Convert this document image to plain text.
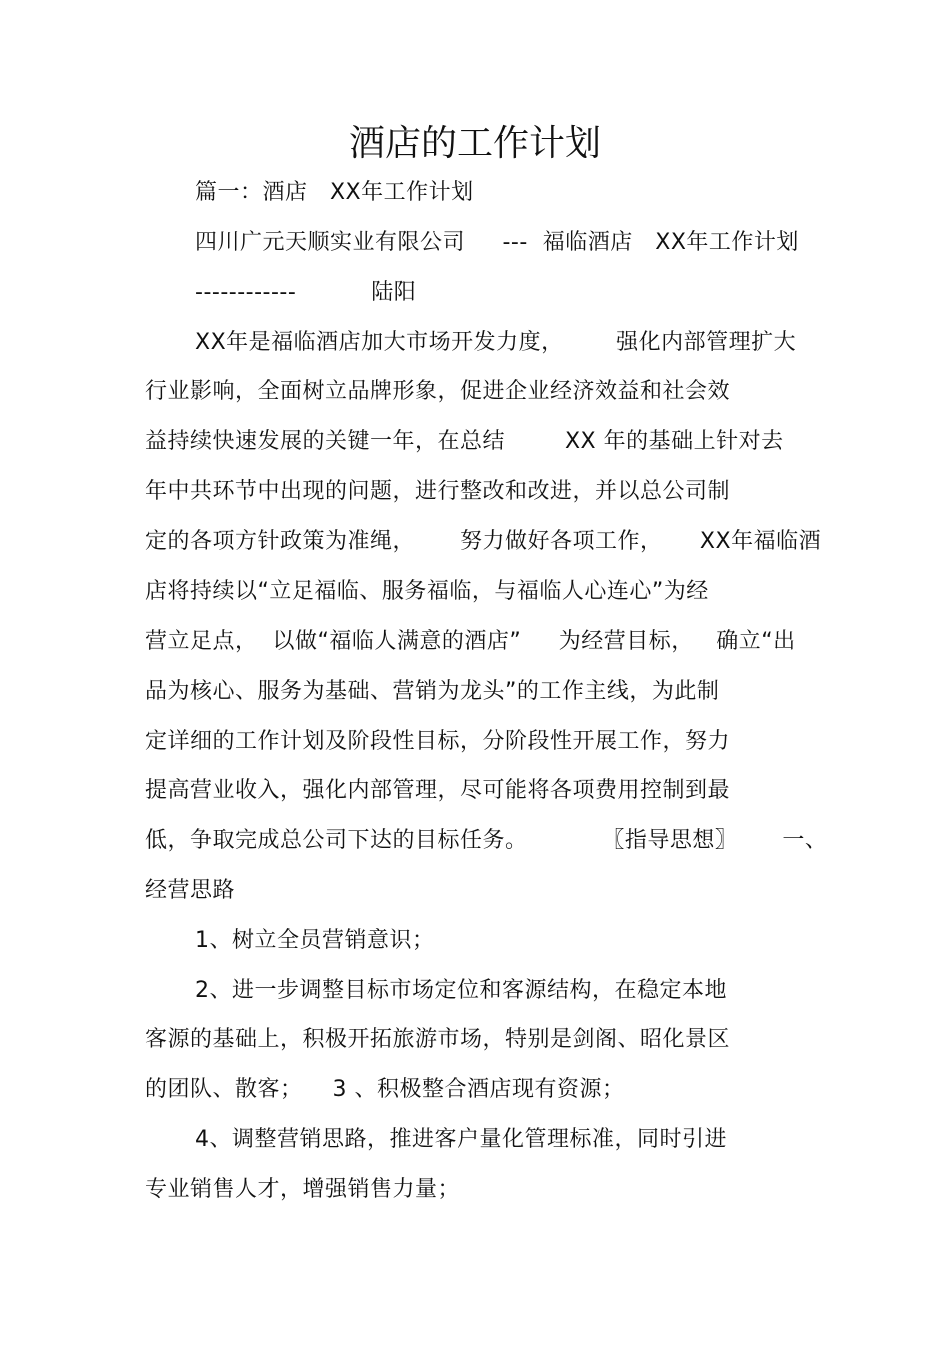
酒店的工作计划
篇一：酒店   XX年工作计划
四川广元天顺实业有限公司     ---  福临酒店   XX年工作计划
------------          陆阳
XX年是福临酒店加大市场开发力度，       强化内部管理扩大
行业影响，全面树立品牌形象，促进企业经济效益和社会效
益持续快速发展的关键一年，在总结        XX 年的基础上针对去
年中共环节中出现的问题，进行整改和改进，并以总公司制
定的各项方针政策为准绳，      努力做好各项工作，     XX年福临酒
店将持续以“立足福临、服务福临，与福临人心连心”为经
营立足点，  以做“福临人满意的酒店”     为经营目标，   确立“出
品为核心、服务为基础、营销为龙头”的工作主线，为此制
定详细的工作计划及阶段性目标，分阶段性开展工作，努力
提高营业收入，强化内部管理，尽可能将各项费用控制到最
低，争取完成总公司下达的目标任务。          〖指导思想〗      一、
经营思路
1、树立全员营销意识；
2、进一步调整目标市场定位和客源结构，在稳定本地
客源的基础上，积极开拓旅游市场，特别是剑阁、昭化景区
的团队、散客；    3 、积极整合酒店现有资源；
4、调整营销思路，推进客户量化管理标准，同时引进
专业销售人才，增强销售力量；
